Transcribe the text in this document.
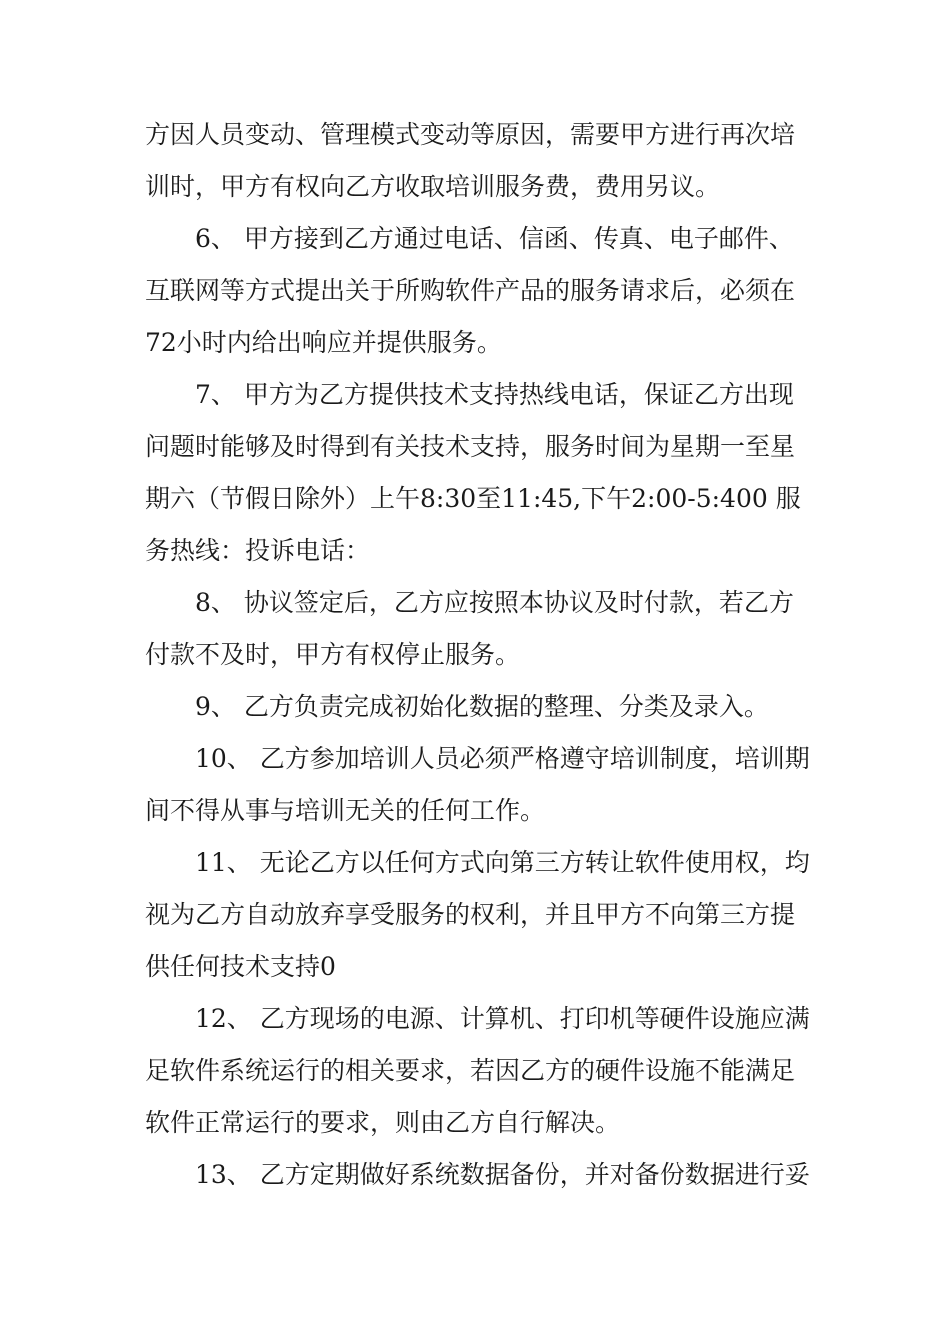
方因人员变动、管理模式变动等原因，需要甲方进行再次培
训时，甲方有权向乙方收取培训服务费，费用另议。
6、 甲方接到乙方通过电话、信函、传真、电子邮件、
互联网等方式提出关于所购软件产品的服务请求后，必须在
72小时内给出响应并提供服务。
7、 甲方为乙方提供技术支持热线电话，保证乙方出现
问题时能够及时得到有关技术支持，服务时间为星期一至星
期六（节假日除外）上午8:30至11:45,下午2:00-5:400 服
务热线：投诉电话：
8、 协议签定后，乙方应按照本协议及时付款，若乙方
付款不及时，甲方有权停止服务。
9、 乙方负责完成初始化数据的整理、分类及录入。
10、 乙方参加培训人员必须严格遵守培训制度，培训期
间不得从事与培训无关的任何工作。
11、 无论乙方以任何方式向第三方转让软件使用权，均
视为乙方自动放弃享受服务的权利，并且甲方不向第三方提
供任何技术支持0
12、 乙方现场的电源、计算机、打印机等硬件设施应满
足软件系统运行的相关要求，若因乙方的硬件设施不能满足
软件正常运行的要求，则由乙方自行解决。
13、 乙方定期做好系统数据备份，并对备份数据进行妥
